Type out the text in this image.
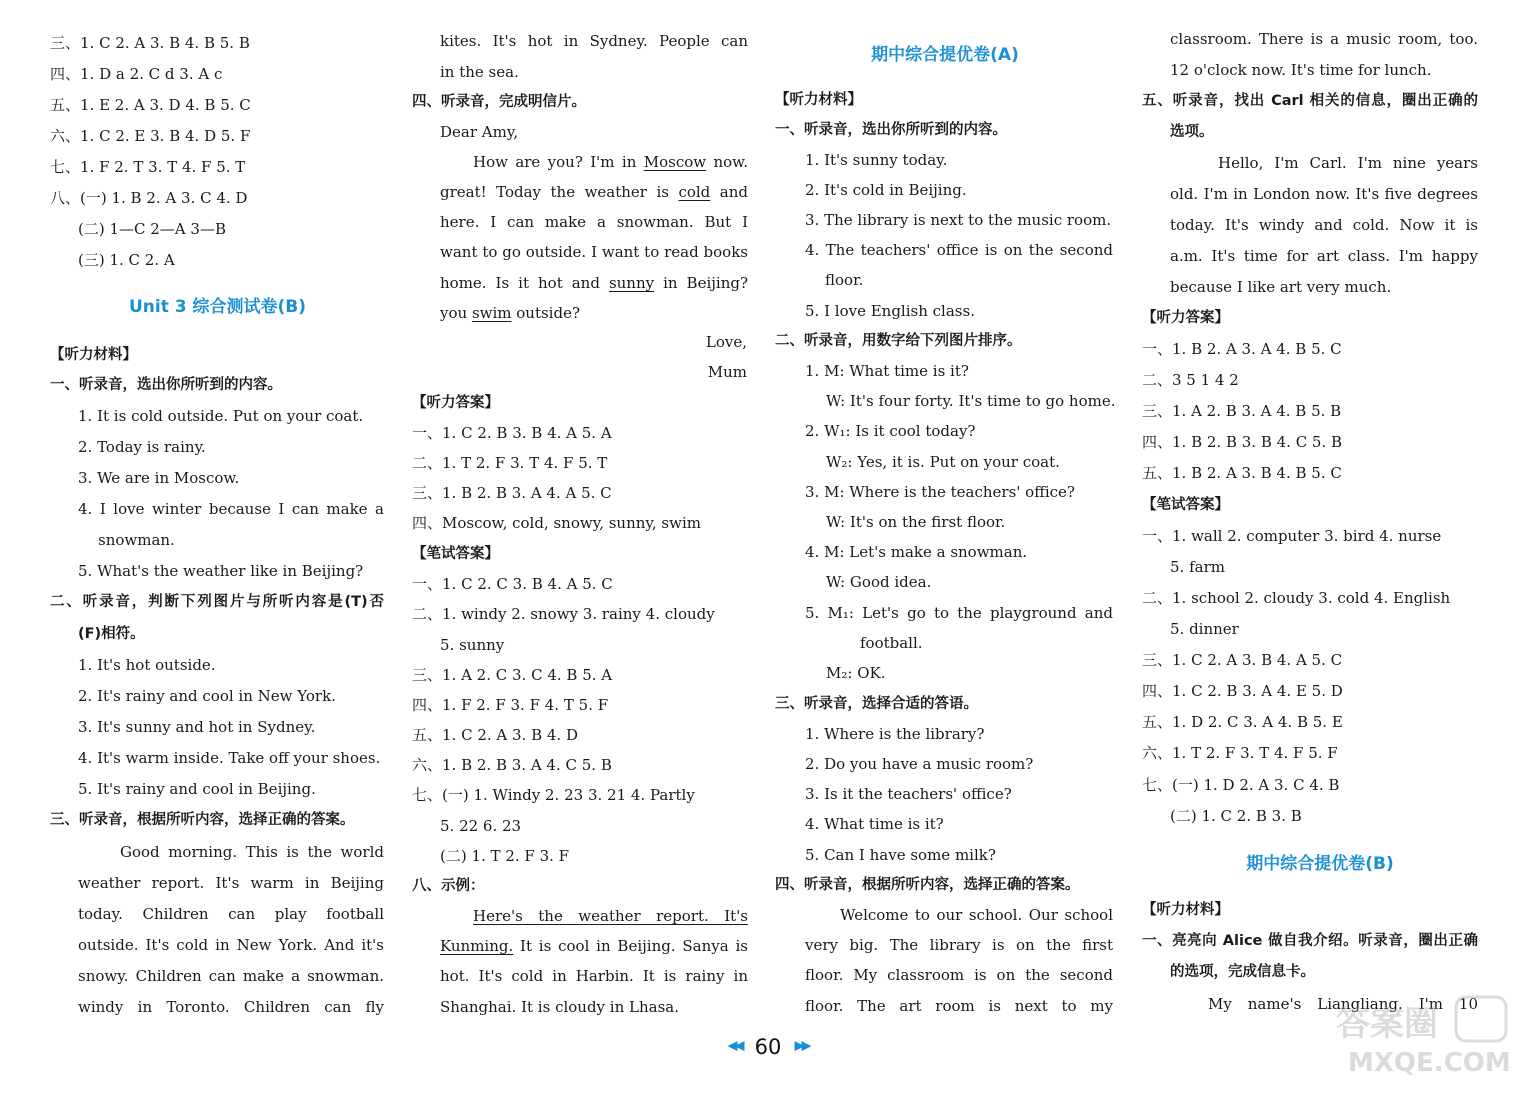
三、1. C 2. A 3. B 4. B 5. B
四、1. D a 2. C d 3. A c
五、1. E 2. A 3. D 4. B 5. C
六、1. C 2. E 3. B 4. D 5. F
七、1. F 2. T 3. T 4. F 5. T
八、(一) 1. B 2. A 3. C 4. D
(二) 1—C 2—A 3—B
(三) 1. C 2. A
Unit 3 综合测试卷(B)
【听力材料】
一、听录音，选出你所听到的内容。
1. It is cold outside. Put on your coat.
2. Today is rainy.
3. We are in Moscow.
4. I love winter because I can make a
snowman.
5. What's the weather like in Beijing?
二、听录音，判断下列图片与所听内容是(T)否
(F)相符。
1. It's hot outside.
2. It's rainy and cool in New York.
3. It's sunny and hot in Sydney.
4. It's warm inside. Take off your shoes.
5. It's rainy and cool in Beijing.
三、听录音，根据所听内容，选择正确的答案。
Good morning. This is the world
weather report. It's warm in Beijing
today. Children can play football
outside. It's cold in New York. And it's
snowy. Children can make a snowman.
windy in Toronto. Children can fly
kites. It's hot in Sydney. People can
in the sea.
四、听录音，完成明信片。
Dear Amy,
How are you? I'm in Moscow now.
great! Today the weather is cold and
here. I can make a snowman. But I
want to go outside. I want to read books
home. Is it hot and sunny in Beijing?
you swim outside?
Love,
Mum
【听力答案】
一、1. C 2. B 3. B 4. A 5. A
二、1. T 2. F 3. T 4. F 5. T
三、1. B 2. B 3. A 4. A 5. C
四、Moscow, cold, snowy, sunny, swim
【笔试答案】
一、1. C 2. C 3. B 4. A 5. C
二、1. windy 2. snowy 3. rainy 4. cloudy
5. sunny
三、1. A 2. C 3. C 4. B 5. A
四、1. F 2. F 3. F 4. T 5. F
五、1. C 2. A 3. B 4. D
六、1. B 2. B 3. A 4. C 5. B
七、(一) 1. Windy 2. 23 3. 21 4. Partly
5. 22 6. 23
(二) 1. T 2. F 3. F
八、示例：
Here's the weather report. It's
Kunming. It is cool in Beijing. Sanya is
hot. It's cold in Harbin. It is rainy in
Shanghai. It is cloudy in Lhasa.
期中综合提优卷(A)
【听力材料】
一、听录音，选出你所听到的内容。
1. It's sunny today.
2. It's cold in Beijing.
3. The library is next to the music room.
4. The teachers' office is on the second
floor.
5. I love English class.
二、听录音，用数字给下列图片排序。
1. M: What time is it?
W: It's four forty. It's time to go home.
2. W₁: Is it cool today?
W₂: Yes, it is. Put on your coat.
3. M: Where is the teachers' office?
W: It's on the first floor.
4. M: Let's make a snowman.
W: Good idea.
5. M₁: Let's go to the playground and
football.
M₂: OK.
三、听录音，选择合适的答语。
1. Where is the library?
2. Do you have a music room?
3. Is it the teachers' office?
4. What time is it?
5. Can I have some milk?
四、听录音，根据所听内容，选择正确的答案。
Welcome to our school. Our school
very big. The library is on the first
floor. My classroom is on the second
floor. The art room is next to my
classroom. There is a music room, too.
12 o'clock now. It's time for lunch.
五、听录音，找出 Carl 相关的信息，圈出正确的
选项。
Hello, I'm Carl. I'm nine years
old. I'm in London now. It's five degrees
today. It's windy and cold. Now it is
a.m. It's time for art class. I'm happy
because I like art very much.
【听力答案】
一、1. B 2. A 3. A 4. B 5. C
二、3 5 1 4 2
三、1. A 2. B 3. A 4. B 5. B
四、1. B 2. B 3. B 4. C 5. B
五、1. B 2. A 3. B 4. B 5. C
【笔试答案】
一、1. wall 2. computer 3. bird 4. nurse
5. farm
二、1. school 2. cloudy 3. cold 4. English
5. dinner
三、1. C 2. A 3. B 4. A 5. C
四、1. C 2. B 3. A 4. E 5. D
五、1. D 2. C 3. A 4. B 5. E
六、1. T 2. F 3. T 4. F 5. F
七、(一) 1. D 2. A 3. C 4. B
(二) 1. C 2. B 3. B
期中综合提优卷(B)
【听力材料】
一、亮亮向 Alice 做自我介绍。听录音，圈出正确
的选项，完成信息卡。
My name's Liangliang. I'm 10
◀◀ 60 ▶▶
答案圈
MXQE.COM
